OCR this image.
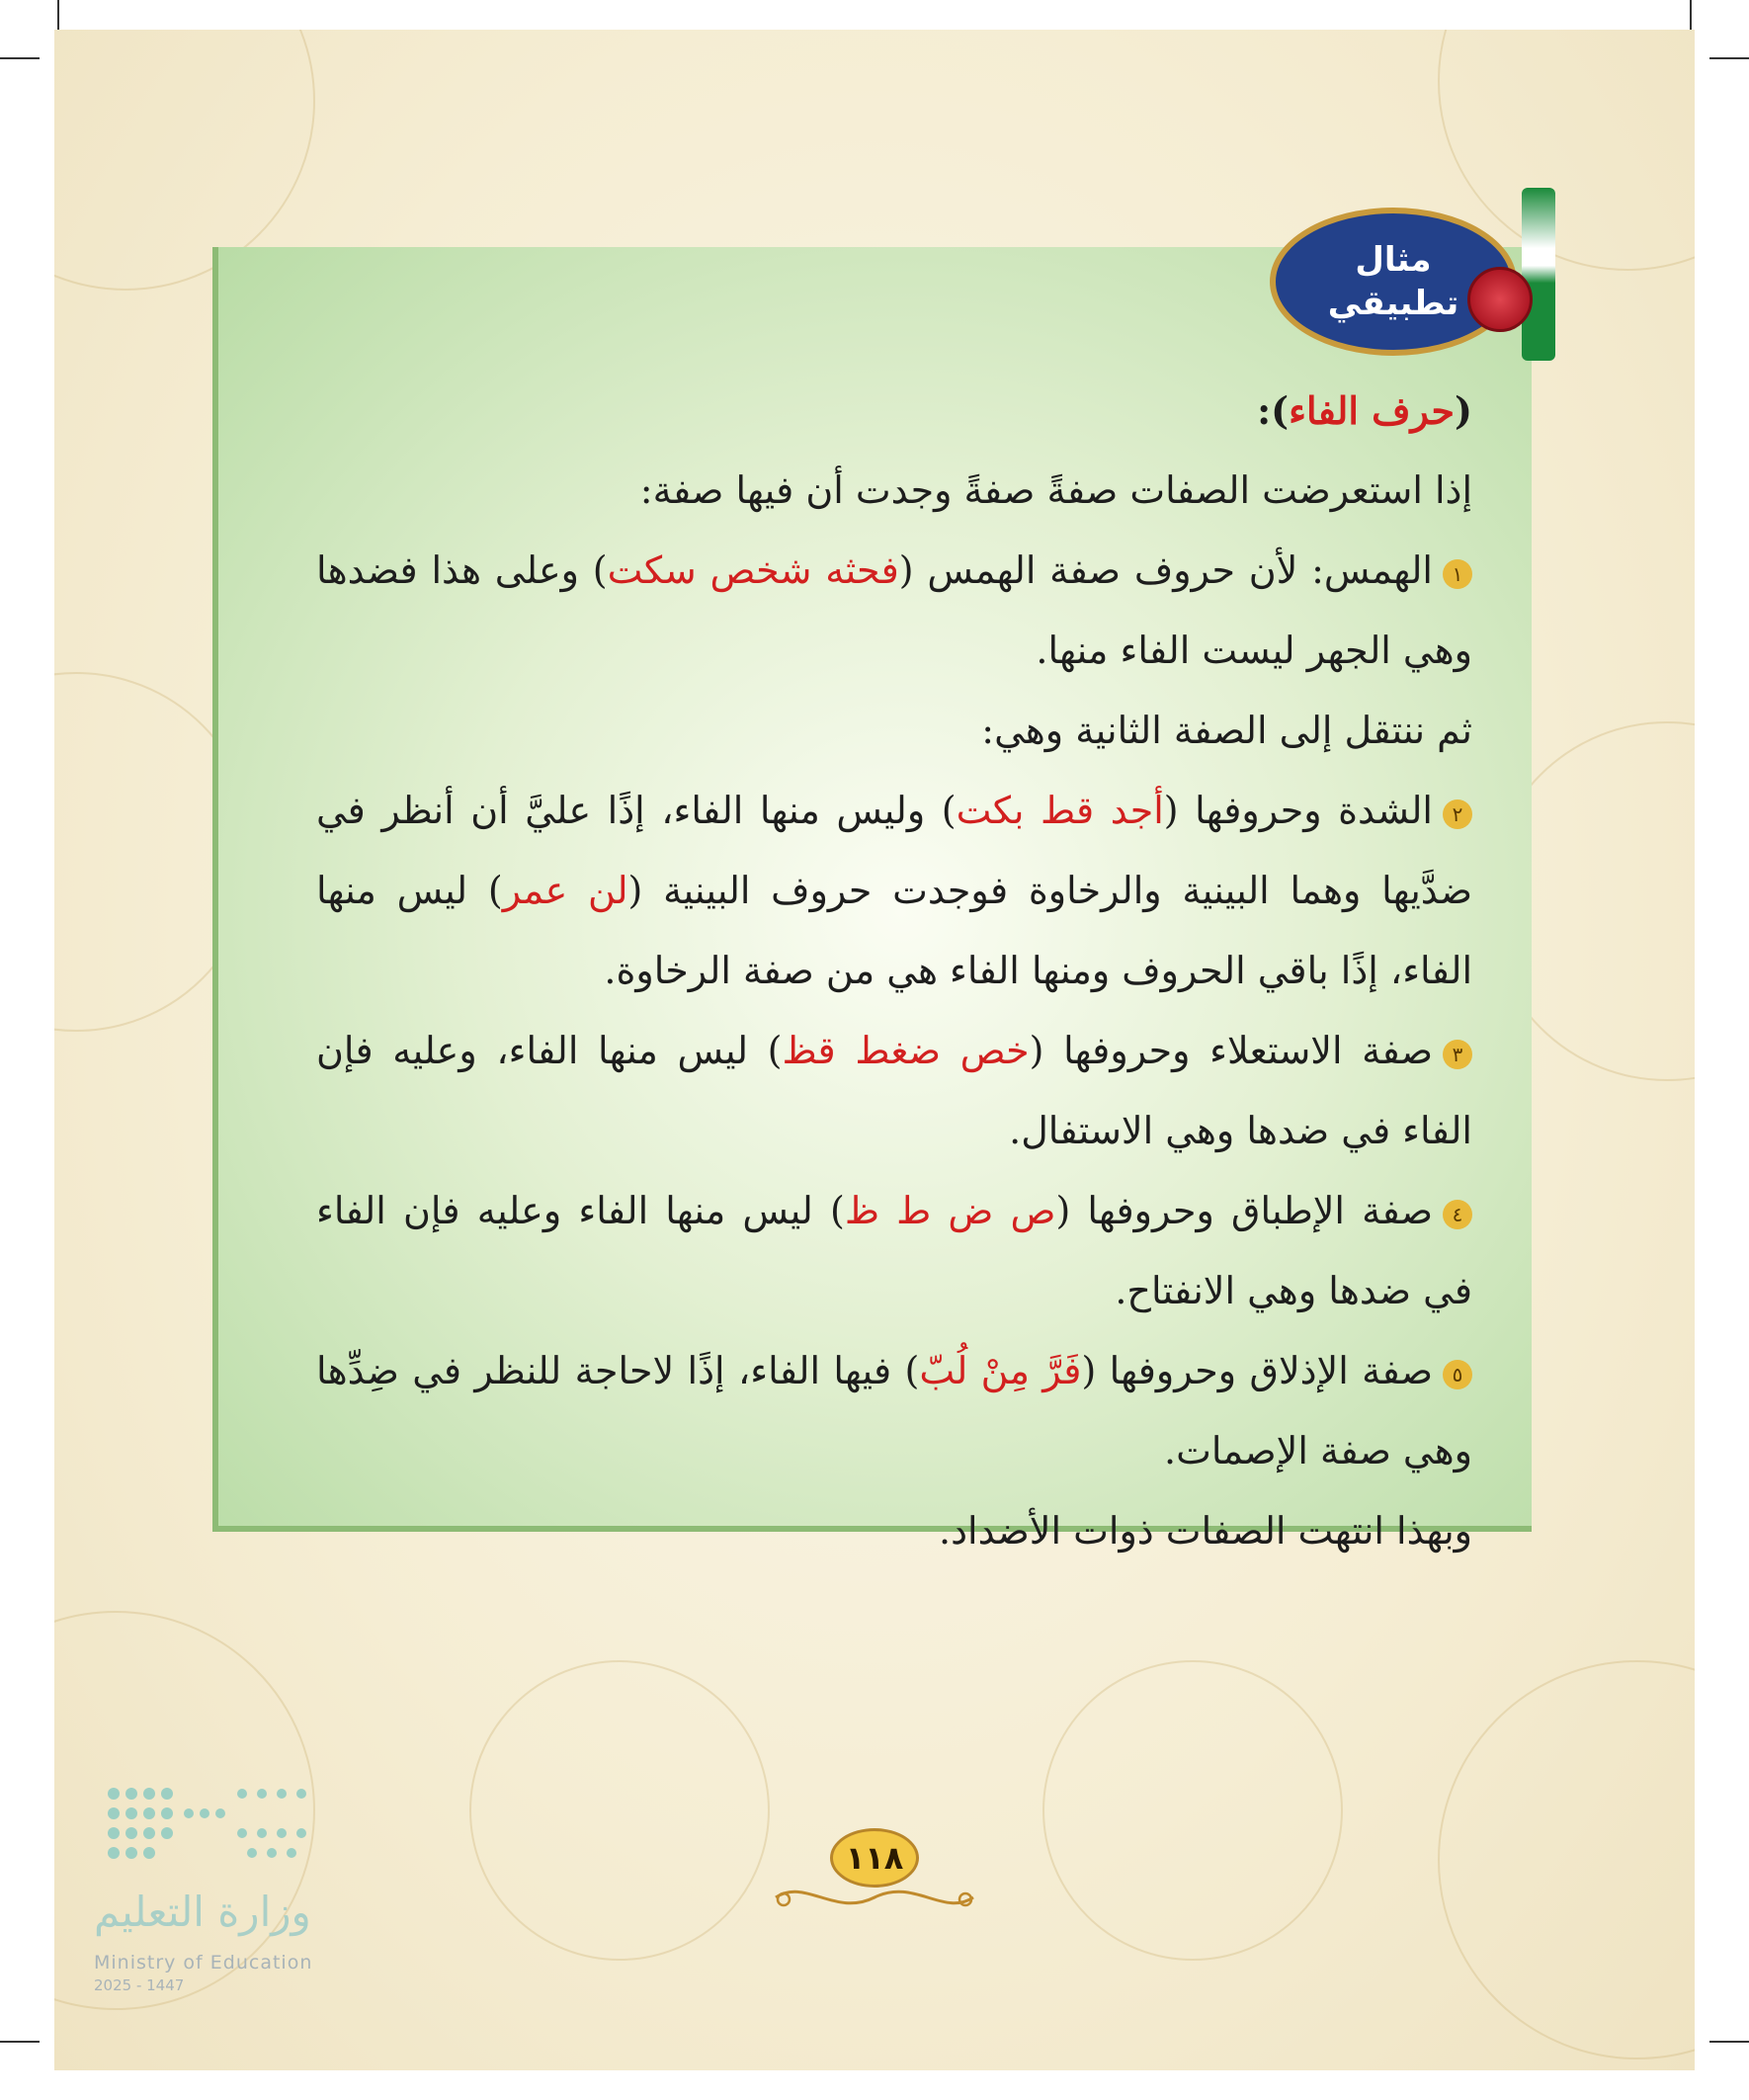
مثال
تطبيقي

(حرف الفاء):

إذا استعرضت الصفات صفةً صفةً وجدت أن فيها صفة:

١الهمس: لأن حروف صفة الهمس (فحثه شخص سكت) وعلى هذا فضدها وهي الجهر ليست الفاء منها.

ثم ننتقل إلى الصفة الثانية وهي:

٢الشدة وحروفها (أجد قط بكت) وليس منها الفاء، إذًا عليَّ أن أنظر في ضدَّيها وهما البينية والرخاوة فوجدت حروف البينية (لن عمر) ليس منها الفاء، إذًا باقي الحروف ومنها الفاء هي من صفة الرخاوة.

٣صفة الاستعلاء وحروفها (خص ضغط قظ) ليس منها الفاء، وعليه فإن الفاء في ضدها وهي الاستفال.

٤صفة الإطباق وحروفها (ص ض ط ظ) ليس منها الفاء وعليه فإن الفاء في ضدها وهي الانفتاح.

٥صفة الإذلاق وحروفها (فَرَّ مِنْ لُبّ) فيها الفاء، إذًا لاحاجة للنظر في ضِدِّها وهي صفة الإصمات.

وبهذا انتهت الصفات ذوات الأضداد.

١١٨
وزارة التعليم
Ministry of Education
2025 - 1447
